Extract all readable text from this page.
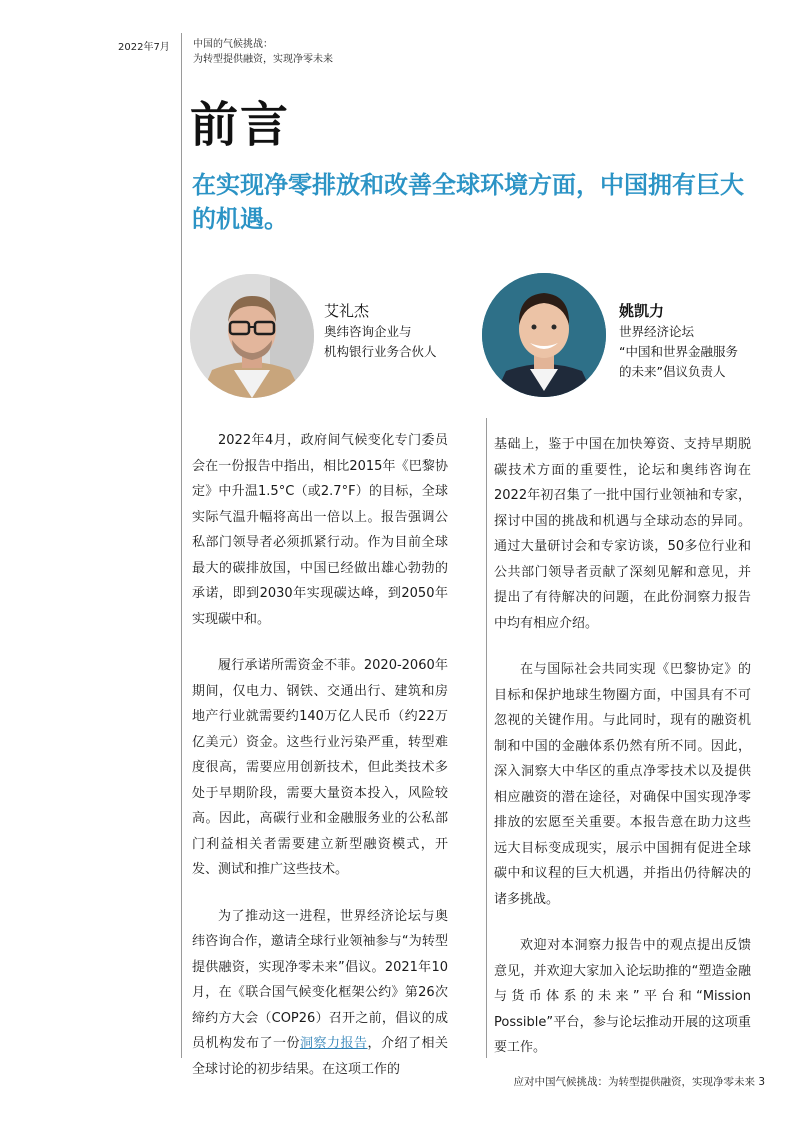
2022年7月 中国的气候挑战：
为转型提供融资，实现净零未来
前言
在实现净零排放和改善全球环境方面，中国拥有巨大的机遇。
艾礼杰
奥纬咨询企业与
机构银行业务合伙人
姚凯力
世界经济论坛
“中国和世界金融服务
的未来”倡议负责人

2022年4月，政府间气候变化专门委员会在一份报告中指出，相比2015年《巴黎协定》中升温1.5°C（或2.7°F）的目标，全球实际气温升幅将高出一倍以上。报告强调公私部门领导者必须抓紧行动。作为目前全球最大的碳排放国，中国已经做出雄心勃勃的承诺，即到2030年实现碳达峰，到2050年实现碳中和。

履行承诺所需资金不菲。2020-2060年期间，仅电力、钢铁、交通出行、建筑和房地产行业就需要约140万亿人民币（约22万亿美元）资金。这些行业污染严重，转型难度很高，需要应用创新技术，但此类技术多处于早期阶段，需要大量资本投入，风险较高。因此，高碳行业和金融服务业的公私部门利益相关者需要建立新型融资模式，开发、测试和推广这些技术。

为了推动这一进程，世界经济论坛与奥纬咨询合作，邀请全球行业领袖参与“为转型提供融资，实现净零未来”倡议。2021年10月，在《联合国气候变化框架公约》第26次缔约方大会（COP26）召开之前，倡议的成员机构发布了一份洞察力报告，介绍了相关全球讨论的初步结果。在这项工作的

基础上，鉴于中国在加快筹资、支持早期脱碳技术方面的重要性，论坛和奥纬咨询在2022年初召集了一批中国行业领袖和专家，探讨中国的挑战和机遇与全球动态的异同。通过大量研讨会和专家访谈，50多位行业和公共部门领导者贡献了深刻见解和意见，并提出了有待解决的问题，在此份洞察力报告中均有相应介绍。

在与国际社会共同实现《巴黎协定》的目标和保护地球生物圈方面，中国具有不可忽视的关键作用。与此同时，现有的融资机制和中国的金融体系仍然有所不同。因此，深入洞察大中华区的重点净零技术以及提供相应融资的潜在途径，对确保中国实现净零排放的宏愿至关重要。本报告意在助力这些远大目标变成现实，展示中国拥有促进全球碳中和议程的巨大机遇，并指出仍待解决的诸多挑战。

欢迎对本洞察力报告中的观点提出反馈意见，并欢迎大家加入论坛助推的“塑造金融与货币体系的未来”平台和“Mission Possible”平台，参与论坛推动开展的这项重要工作。

应对中国气候挑战：为转型提供融资，实现净零未来 3
